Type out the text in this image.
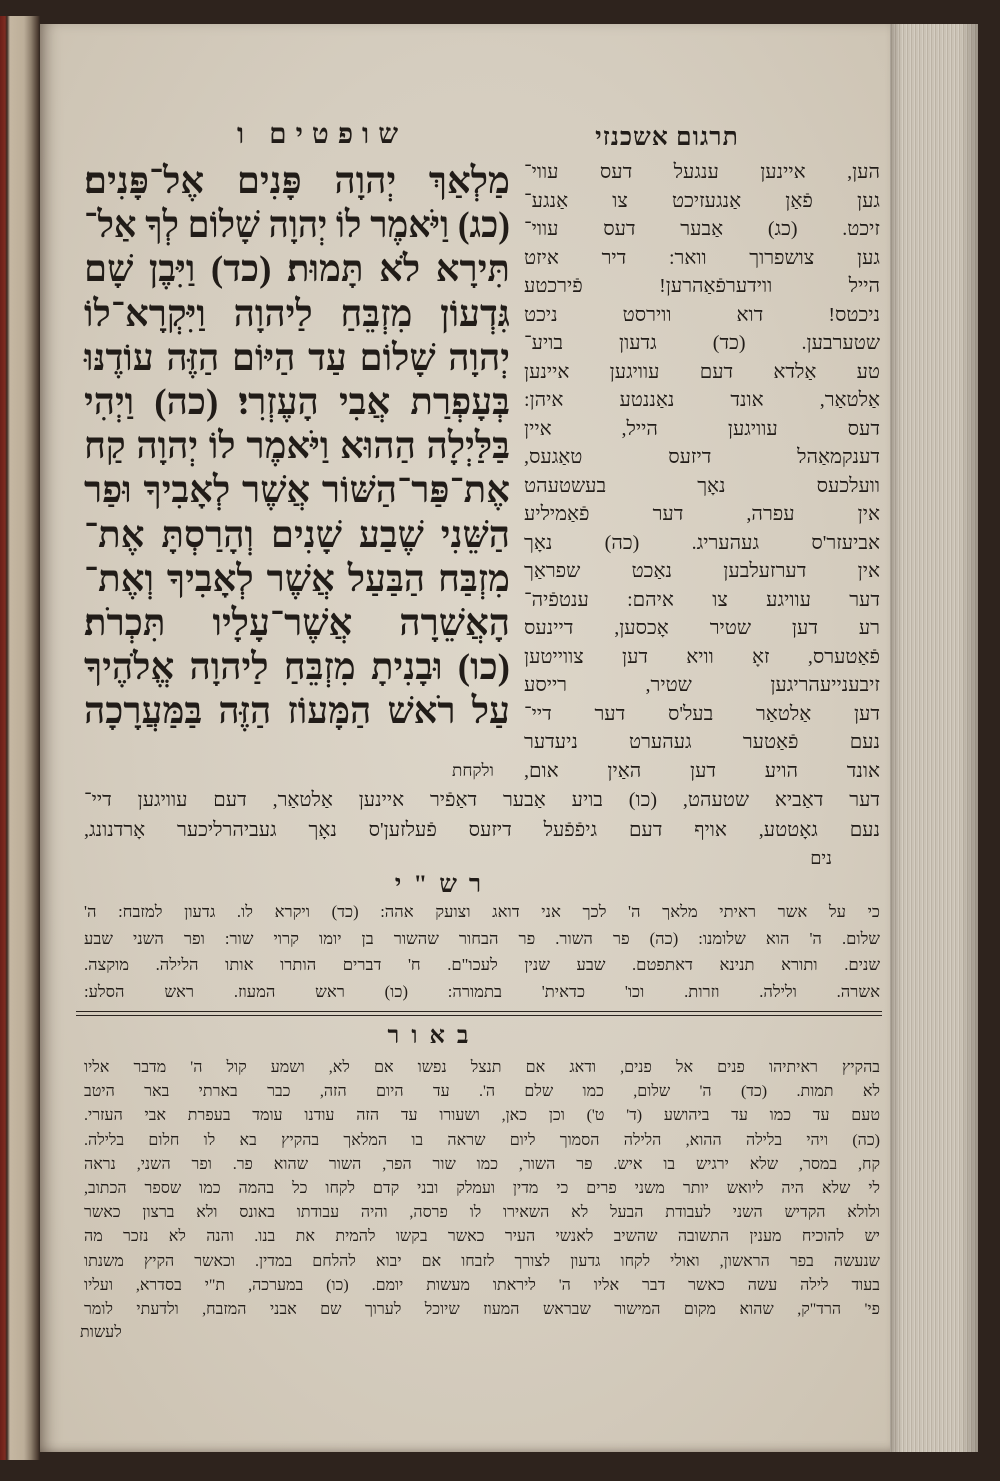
שופטים ו	תרגום אשכנזי
מַלְאַךְ יְהוָה פָּנִים אֶל־פָּנִים׃
(כג) וַיֹּאמֶר לוֹ יְהוָה שָׁלוֹם לְךָ אַל־
תִּירָא לֹא תָּמוּת׃ (כד) וַיִּבֶן שָׁם
גִּדְעוֹן מִזְבֵּחַ לַיהוָה וַיִּקְרָא־לוֹ
יְהוָה שָׁלוֹם עַד הַיּוֹם הַזֶּה עוֹדֶנּוּ
בְּעָפְרַת אֲבִי הָעֶזְרִי׃ (כה) וַיְהִי
בַּלַּיְלָה הַהוּא וַיֹּאמֶר לוֹ יְהוָה קַח
אֶת־פַּר־הַשּׁוֹר אֲשֶׁר לְאָבִיךָ וּפַר
הַשֵּׁנִי שֶׁבַע שָׁנִים וְהָרַסְתָּ אֶת־
מִזְבַּח הַבַּעַל אֲשֶׁר לְאָבִיךָ וְאֶת־
הָאֲשֵׁרָה אֲשֶׁר־עָלָיו תִּכְרֹת׃
(כו) וּבָנִיתָ מִזְבֵּחַ לַיהוָה אֱלֹהֶיךָ
עַל רֹאשׁ הַמָּעוֹז הַזֶּה בַּמַּעֲרָכָה
ולקחת
הען, איינען ענגעל דעס עווי־
גען פֿאַן אַנגעזיכט צו אַנגע־
זיכט. (כג) אַבער דעס עווי־
גען צושפרוך וואר: דיר איזט
הייל ווידערפֿאַהרען! פֿירכטע
ניכטס! דוא ווירסט ניכט
שטערבען. (כד) גדעון בויע־
טע אַלדא דעם עוויגען איינען
אַלטאַר, אונד נאַננטע איהן:
דעס עוויגען הייל, איין
דענקמאַהל דיזעס טאַגעס,
וועלכעס נאָך בעשטעהט
אין עפרה, דער פֿאַמיליע
אביעזר'ס געהעריג. (כה) נאָך
אין דערזעלבען נאַכט שפראַך
דער עוויגע צו איהם: ענטפֿיה־
רע דען שטיר אָכסען, דיינעס
פֿאַטערס, זאָ וויא דען צווייטען
זיבענייעהריגען שטיר, רייסע
דען אַלטאַר בעל'ס דער דיי־
נעם פֿאַטער געהערט ניעדער
אונד הויע דען האַין אום,
דער דאַביא שטעהט, (כו) בויע אַבער דאַפֿיר איינען אַלטאַר, דעם עוויגען דיי־
נעם גאָטטע, אויף דעם גיפֿפֿעל דיזעס פֿעלזען'ס נאָך געביהרליכער אָרדנונג,
נים
רש"י
כי על אשר ראיתי מלאך ה' לכך אני דואג וצועק אהה: (כד) ויקרא לו. גדעון למזבח: ה'
שלום. ה' הוא שלומנו: (כה) פר השור. פר הבחור שהשור בן יומו קרוי שור: ופר השני שבע
שנים. ותורא תנינא דאתפטם. שבע שנין לעכו"ם. ח' דברים הותרו אותו הלילה. מוקצה.
אשרה. ולילה. וזרות. וכו' כדאית' בתמורה: (כו) ראש המעוז. ראש הסלע:
באור
בהקיץ ראיתיהו פנים אל פנים, ודאג אם תנצל נפשו אם לא, ושמע קול ה' מדבר אליו
לא תמות. (כד) ה' שלום, כמו שלם ה'. עד היום הזה, כבר בארתי באר היטב
טעם עד כמו עד ביהושע (ד' ט') וכן כאן, ושעורו עד הזה עודנו עומד בעפרת אבי העזרי.
(כה) ויהי בלילה ההוא, הלילה הסמוך ליום שראה בו המלאך בהקיץ בא לו חלום בלילה.
קח, במסר, שלא ירגיש בו איש. פר השור, כמו שור הפר, השור שהוא פר. ופר השני, נראה
לי שלא היה ליואש יותר משני פרים כי מדין ועמלק ובני קדם לקחו כל בהמה כמו שספר הכתוב,
ולולא הקדיש השני לעבודת הבעל לא השאירו לו פרסה, והיה עבודתו באונס ולא ברצון כאשר
יש להוכיח מענין התשובה שהשיב לאנשי העיר כאשר בקשו להמית את בנו. והנה לא נזכר מה
שנעשה בפר הראשון, ואולי לקחו גדעון לצורך לזבחו אם יבוא להלחם במדין. וכאשר הקיץ משנתו
בעוד לילה עשה כאשר דבר אליו ה' ליראתו מעשות יומם. (כו) במערכה, ת"י בסדרא, ועליו
פי' הרד"ק, שהוא מקום המישור שבראש המעוז שיוכל לערוך שם אבני המזבח, ולדעתי לומר
לעשות
